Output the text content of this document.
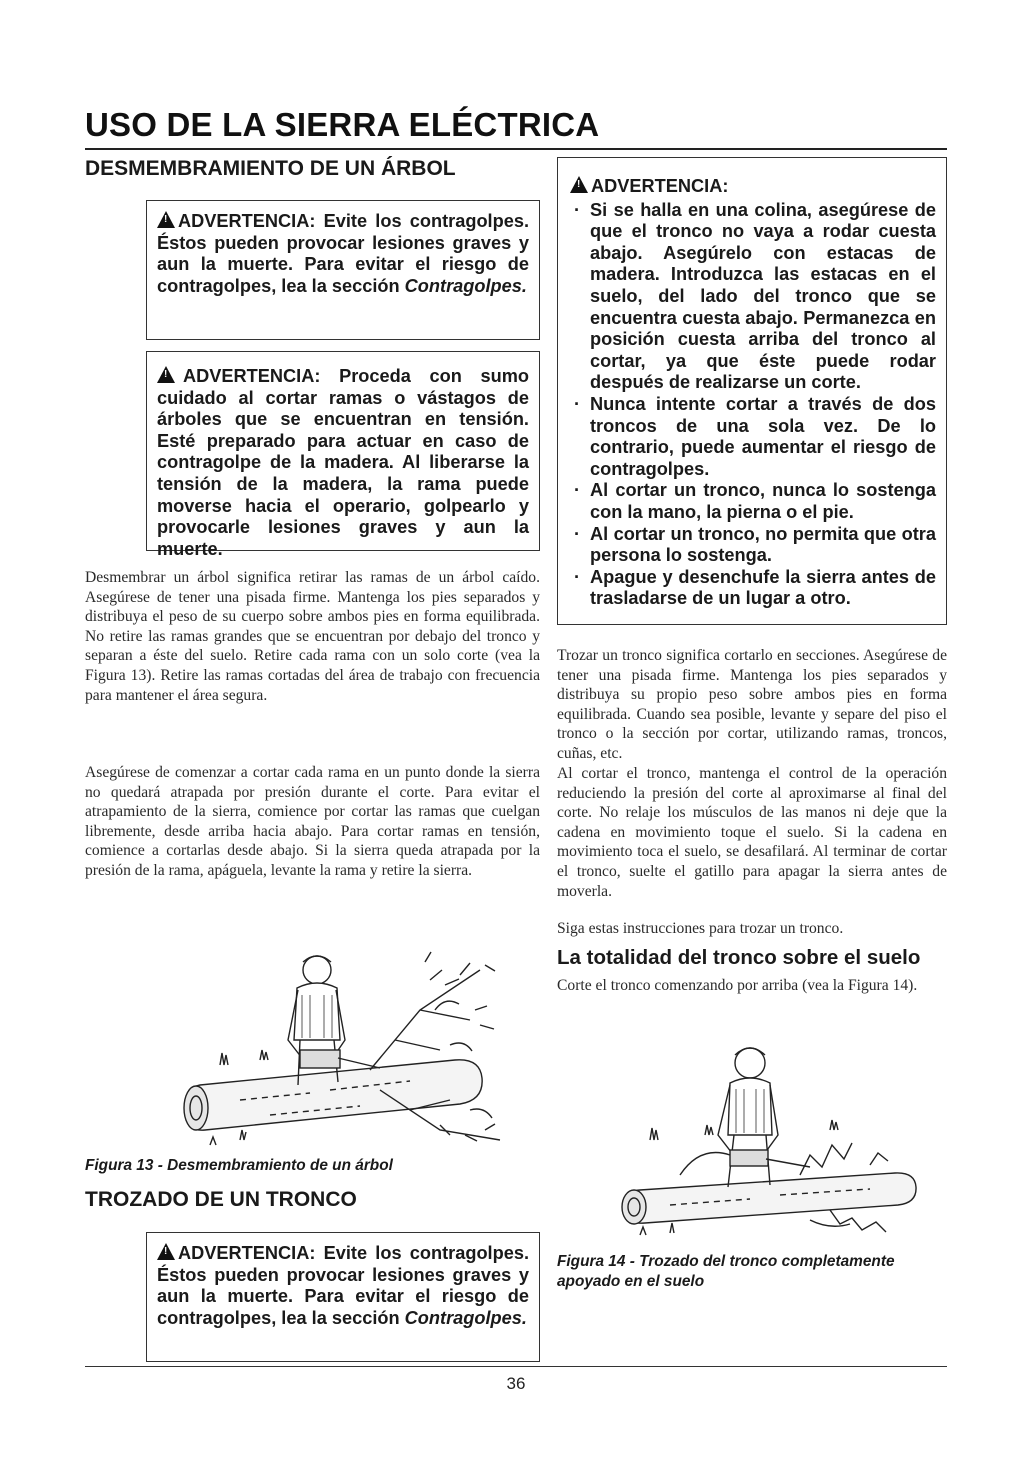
USO DE LA SIERRA ELÉCTRICA
DESMEMBRAMIENTO DE UN ÁRBOL

!ADVERTENCIA: Evite los contragolpes. Éstos pueden provocar lesiones graves y aun la muerte. Para evitar el riesgo de contragolpes, lea la sección Contragolpes.

!ADVERTENCIA: Proceda con sumo cuidado al cortar ramas o vástagos de árboles que se encuentran en tensión. Esté preparado para actuar en caso de contragolpe de la madera. Al liberarse la tensión de la madera, la rama puede moverse hacia el operario, golpearlo y provocarle lesiones graves y aun la muerte.

Desmembrar un árbol significa retirar las ramas de un árbol caído. Asegúrese de tener una pisada firme. Mantenga los pies separados y distribuya el peso de su cuerpo sobre ambos pies en forma equilibrada. No retire las ramas grandes que se encuentran por debajo del tronco y separan a éste del suelo. Retire cada rama con un solo corte (vea la Figura 13). Retire las ramas cortadas del área de trabajo con frecuencia para mantener el área segura.

Asegúrese de comenzar a cortar cada rama en un punto donde la sierra no quedará atrapada por presión durante el corte. Para evitar el atrapamiento de la sierra, comience por cortar las ramas que cuelgan libremente, desde arriba hacia abajo. Para cortar ramas en tensión, comience a cortarlas desde abajo. Si la sierra queda atrapada por la presión de la rama, apáguela, levante la rama y retire la sierra.

Figura 13 - Desmembramiento de un árbol

TROZADO DE UN TRONCO

!ADVERTENCIA: Evite los contragolpes. Éstos pueden provocar lesiones graves y aun la muerte. Para evitar el riesgo de contragolpes, lea la sección Contragolpes.

!ADVERTENCIA:

· Si se halla en una colina, asegúrese de que el tronco no vaya a rodar cuesta abajo. Asegúrelo con estacas de madera. Introduzca las estacas en el suelo, del lado del tronco que se encuentra cuesta abajo. Permanezca en posición cuesta arriba del tronco al cortar, ya que éste puede rodar después de realizarse un corte.
· Nunca intente cortar a través de dos troncos de una sola vez. De lo contrario, puede aumentar el riesgo de contragolpes.
· Al cortar un tronco, nunca lo sostenga con la mano, la pierna o el pie.
· Al cortar un tronco, no permita que otra persona lo sostenga.
· Apague y desenchufe la sierra antes de trasladarse de un lugar a otro.

Trozar un tronco significa cortarlo en secciones. Asegúrese de tener una pisada firme. Mantenga los pies separados y distribuya su propio peso sobre ambos pies en forma equilibrada. Cuando sea posible, levante y separe del piso el tronco o la sección por cortar, utilizando ramas, troncos, cuñas, etc.

Al cortar el tronco, mantenga el control de la operación reduciendo la presión del corte al aproximarse al final del corte. No relaje los músculos de las manos ni deje que la cadena en movimiento toque el suelo. Si la cadena en movimiento toca el suelo, se desafilará. Al terminar de cortar el tronco, suelte el gatillo para apagar la sierra antes de moverla.

Siga estas instrucciones para trozar un tronco.

La totalidad del tronco sobre el suelo

Corte el tronco comenzando por arriba (vea la Figura 14).

Figura 14 - Trozado del tronco completamente apoyado en el suelo

36
